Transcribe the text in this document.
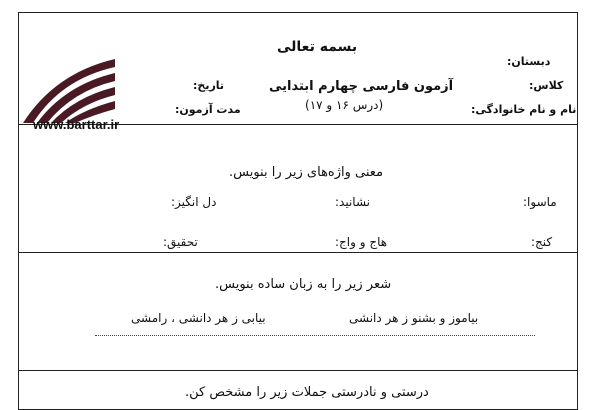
بسمه تعالی
آزمون فارسی چهارم ابتدایی
(درس ۱۶ و ۱۷)
دبستان:
کلاس:
نام و نام خانوادگی:
تاریخ:
مدت آزمون:
www.barttar.ir
معنی واژه‌های زیر را بنویس.
ماسوا:
نشانید:
دل انگیز:
کنج:
هاج و واج:
تحقیق:
شعر زیر را به زبان ساده بنویس.
بیاموز و بشنو ز هر دانشی
بیابی ز هر دانشی ، رامشی
درستی و نادرستی جملات زیر را مشخص کن.
